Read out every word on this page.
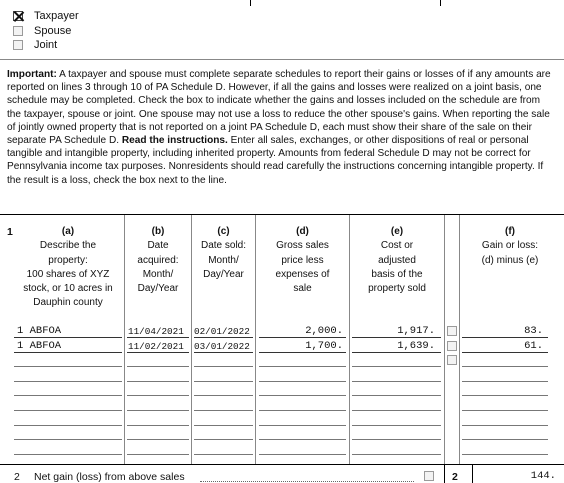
Taxpayer
Spouse
Joint
Important: A taxpayer and spouse must complete separate schedules to report their gains or losses of if any amounts are reported on lines 3 through 10 of PA Schedule D. However, if all the gains and losses were realized on a joint basis, one schedule may be completed. Check the box to indicate whether the gains and losses included on the schedule are from the taxpayer, spouse or joint. One spouse may not use a loss to reduce the other spouse's gains. When reporting the sale of jointly owned property that is not reported on a joint PA Schedule D, each must show their share of the sale on their separate PA Schedule D. Read the instructions. Enter all sales, exchanges, or other dispositions of real or personal tangible and intangible property, including inherited property. Amounts from federal Schedule D may not be correct for Pennsylvania income tax purposes. Nonresidents should read carefully the instructions concerning intangible property. If the result is a loss, check the box next to the line.
1	(a)
Describe the
property:
100 shares of XYZ
stock, or 10 acres in
Dauphin county
(b)
Date
acquired:
Month/
Day/Year
(c)
Date sold:
Month/
Day/Year
(d)
Gross sales
price less
expenses of
sale
(e)
Cost or
adjusted
basis of the
property sold
(f)
Gain or loss:
(d) minus (e)
1 ABFOA	11/04/2021 02/01/2022	2,000.	1,917.	83.
1 ABFOA	11/02/2021 03/01/2022	1,700.	1,639.	61.
2 Net gain (loss) from above sales	2	144.
